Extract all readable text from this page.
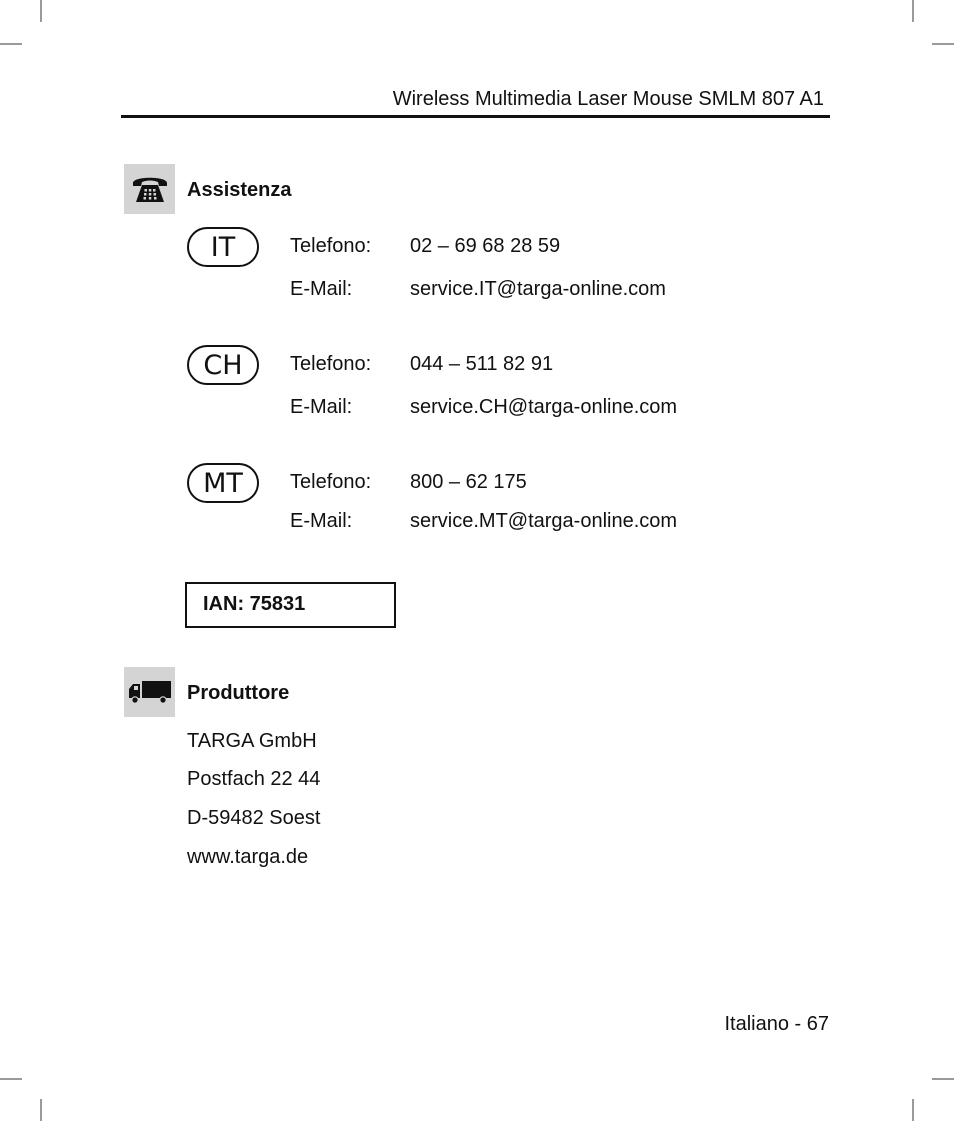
Wireless Multimedia Laser Mouse SMLM 807 A1
Assistenza
IT	Telefono: 02 – 69 68 28 59
E-Mail:	service.IT@targa-online.com
CH	Telefono: 044 – 511 82 91
E-Mail:	service.CH@targa-online.com
MT	Telefono: 800 – 62 175
E-Mail:	service.MT@targa-online.com
IAN: 75831
Produttore
TARGA GmbH
Postfach 22 44
D-59482 Soest
www.targa.de
Italiano - 67
